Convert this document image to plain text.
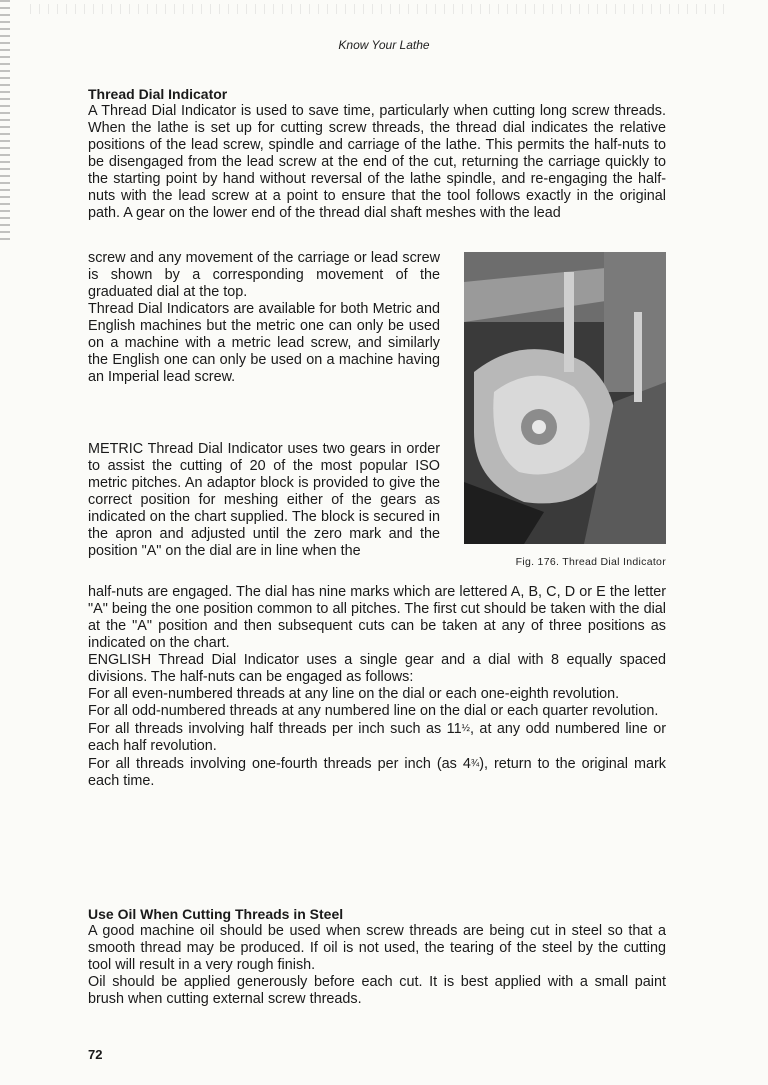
Know Your Lathe
Thread Dial Indicator

A Thread Dial Indicator is used to save time, particularly when cutting long screw threads. When the lathe is set up for cutting screw threads, the thread dial indicates the relative positions of the lead screw, spindle and carriage of the lathe. This permits the half-nuts to be disengaged from the lead screw at the end of the cut, returning the carriage quickly to the starting point by hand without reversal of the lathe spindle, and re-engaging the half-nuts with the lead screw at a point to ensure that the tool follows exactly in the original path. A gear on the lower end of the thread dial shaft meshes with the lead

screw and any movement of the carriage or lead screw is shown by a corresponding movement of the graduated dial at the top.

Thread Dial Indicators are available for both Metric and English machines but the metric one can only be used on a machine with a metric lead screw, and similarly the English one can only be used on a machine having an Imperial lead screw.

METRIC Thread Dial Indicator uses two gears in order to assist the cutting of 20 of the most popular ISO metric pitches. An adaptor block is provided to give the correct position for meshing either of the gears as indicated on the chart supplied. The block is secured in the apron and adjusted until the zero mark and the position "A" on the dial are in line when the

Fig. 176. Thread Dial Indicator

half-nuts are engaged. The dial has nine marks which are lettered A, B, C, D or E the letter "A" being the one position common to all pitches. The first cut should be taken with the dial at the "A" position and then subsequent cuts can be taken at any of three positions as indicated on the chart.

ENGLISH Thread Dial Indicator uses a single gear and a dial with 8 equally spaced divisions. The half-nuts can be engaged as follows:

For all even-numbered threads at any line on the dial or each one-eighth revolution.

For all odd-numbered threads at any numbered line on the dial or each quarter revolution.

For all threads involving half threads per inch such as 11½, at any odd numbered line or each half revolution.

For all threads involving one-fourth threads per inch (as 4¾), return to the original mark each time.

Use Oil When Cutting Threads in Steel

A good machine oil should be used when screw threads are being cut in steel so that a smooth thread may be produced. If oil is not used, the tearing of the steel by the cutting tool will result in a very rough finish.

Oil should be applied generously before each cut. It is best applied with a small paint brush when cutting external screw threads.

72
